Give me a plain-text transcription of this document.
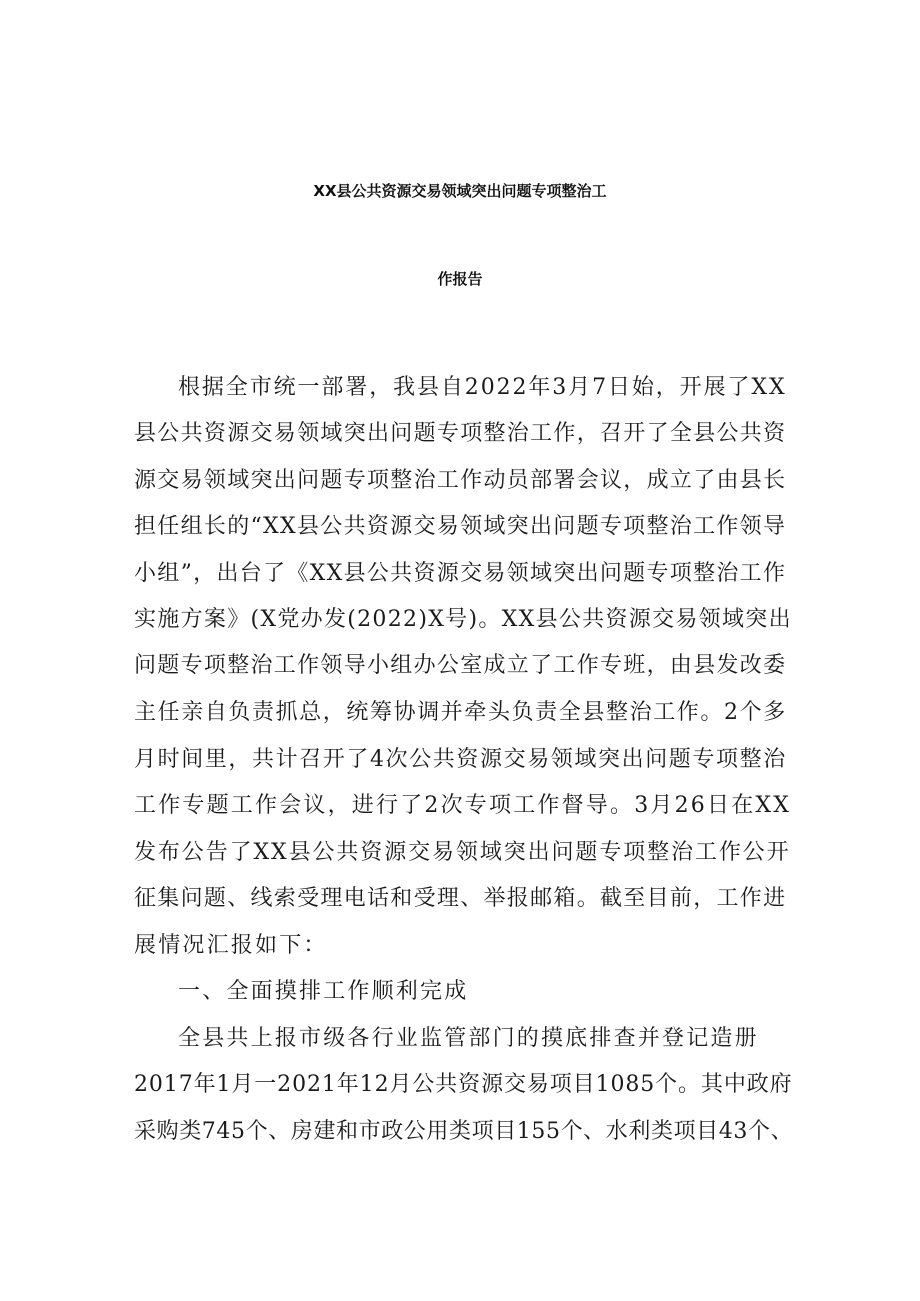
XX县公共资源交易领域突出问题专项整治工
作报告
根据全市统一部署，我县自2022年3月7日始，开展了XX
县公共资源交易领域突出问题专项整治工作，召开了全县公共资
源交易领域突出问题专项整治工作动员部署会议，成立了由县长
担任组长的“XX县公共资源交易领域突出问题专项整治工作领导
小组”，出台了《XX县公共资源交易领域突出问题专项整治工作
实施方案》(X党办发(2022)X号)。XX县公共资源交易领域突出
问题专项整治工作领导小组办公室成立了工作专班，由县发改委
主任亲自负责抓总，统筹协调并牵头负责全县整治工作。2个多
月时间里，共计召开了4次公共资源交易领域突出问题专项整治
工作专题工作会议，进行了2次专项工作督导。3月26日在XX
发布公告了XX县公共资源交易领域突出问题专项整治工作公开
征集问题、线索受理电话和受理、举报邮箱。截至目前，工作进
展情况汇报如下：
一、全面摸排工作顺利完成
全县共上报市级各行业监管部门的摸底排查并登记造册
2017年1月一2021年12月公共资源交易项目1085个。其中政府
采购类745个、房建和市政公用类项目155个、水利类项目43个、
